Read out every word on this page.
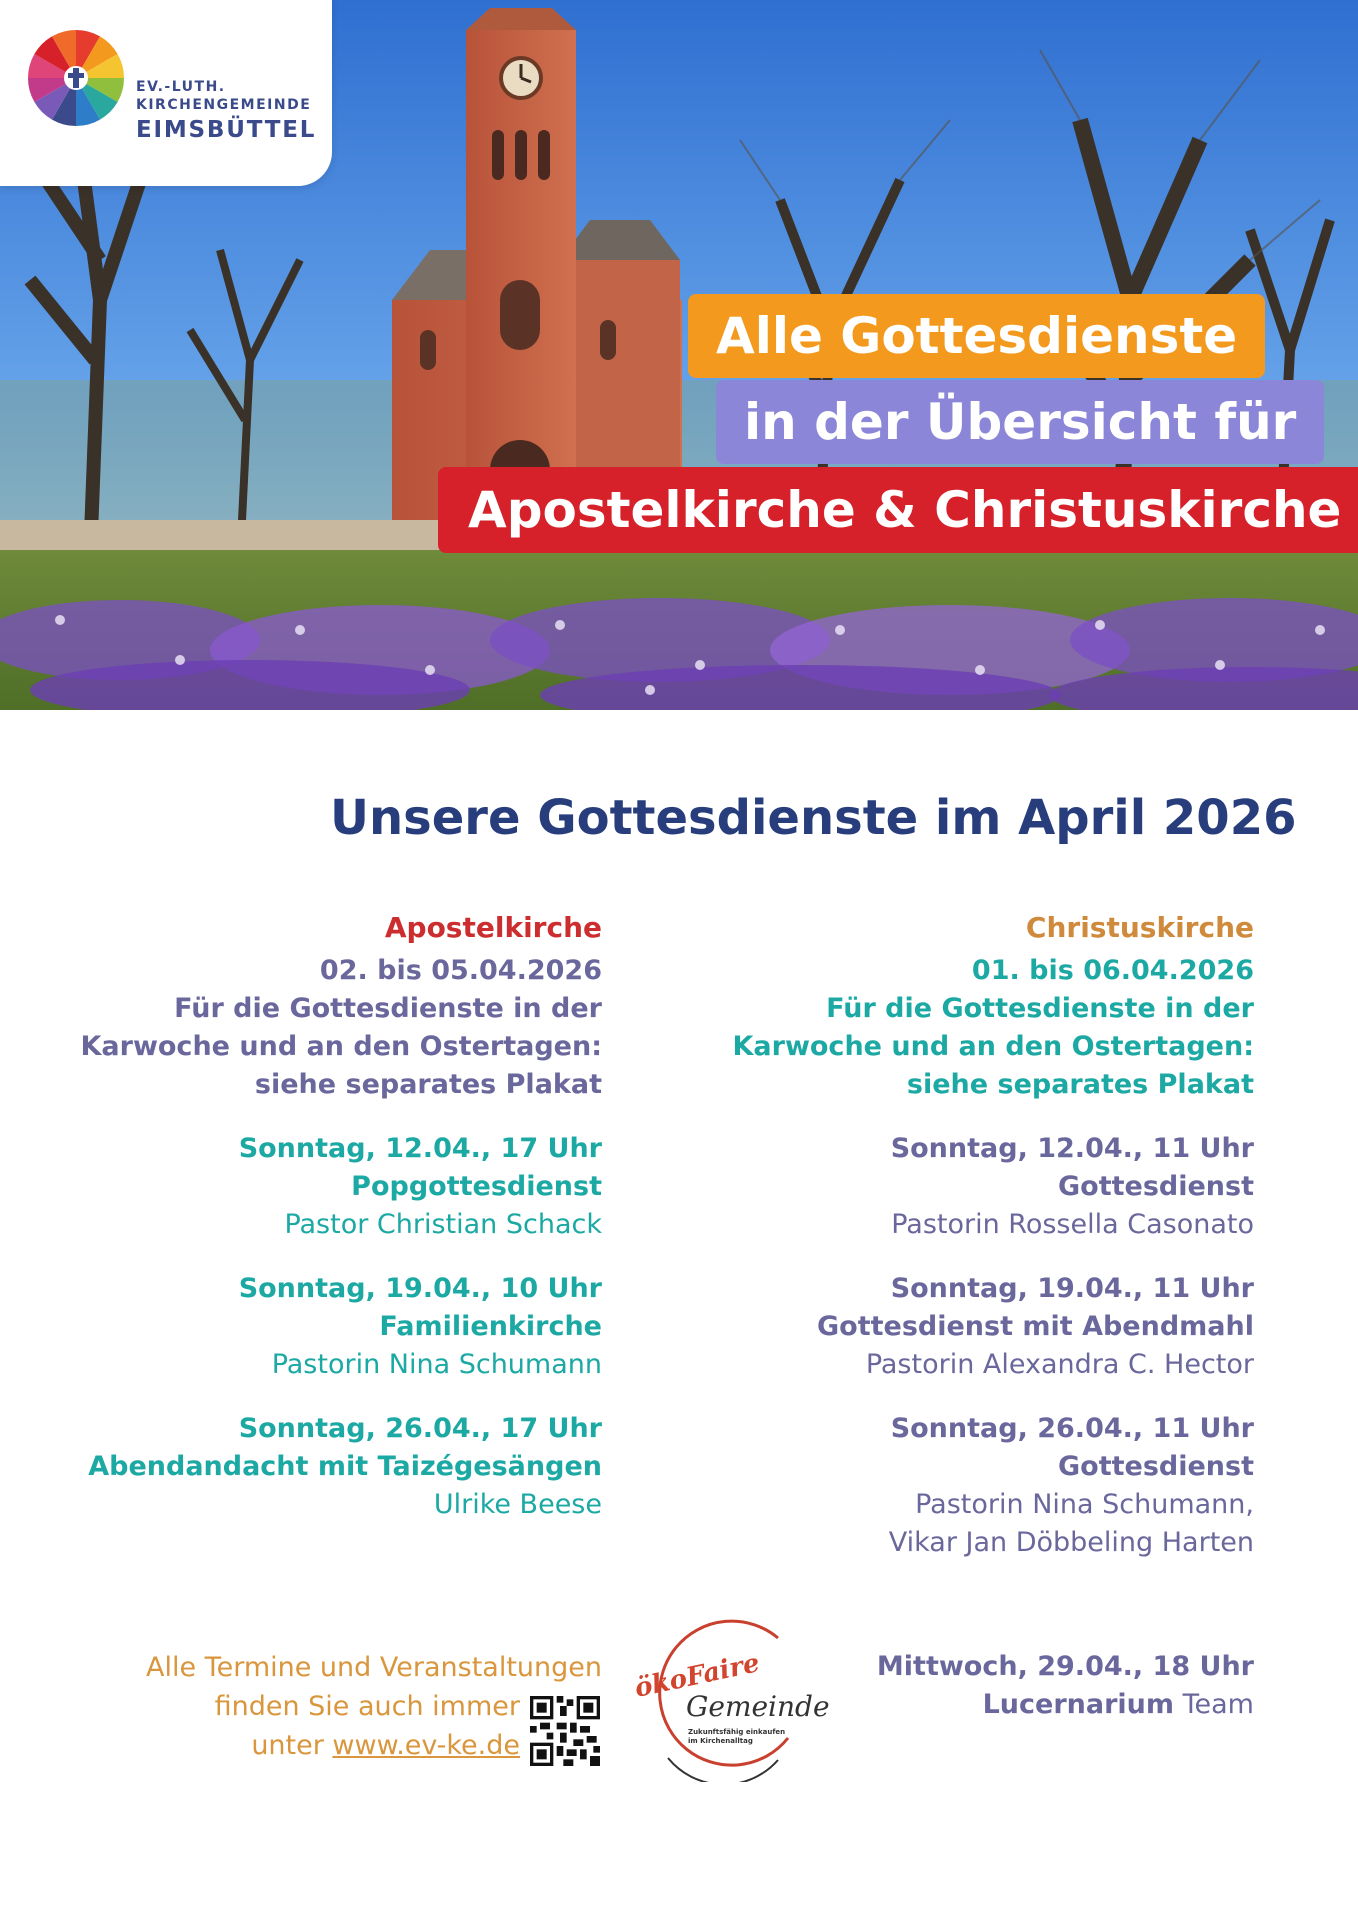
EV.-LUTH.
KIRCHENGEMEINDE
EIMSBÜTTEL
Alle Gottesdienste
in der Übersicht für
Apostelkirche & Christuskirche
Unsere Gottesdienste im April 2026
Apostelkirche
02. bis 05.04.2026
Für die Gottesdienste in der
Karwoche und an den Ostertagen:
siehe separates Plakat
Sonntag, 12.04., 17 Uhr
Popgottesdienst
Pastor Christian Schack
Sonntag, 19.04., 10 Uhr
Familienkirche
Pastorin Nina Schumann
Sonntag, 26.04., 17 Uhr
Abendandacht mit Taizégesängen
Ulrike Beese
Christuskirche
01. bis 06.04.2026
Für die Gottesdienste in der
Karwoche und an den Ostertagen:
siehe separates Plakat
Sonntag, 12.04., 11 Uhr
Gottesdienst
Pastorin Rossella Casonato
Sonntag, 19.04., 11 Uhr
Gottesdienst mit Abendmahl
Pastorin Alexandra C. Hector
Sonntag, 26.04., 11 Uhr
Gottesdienst
Pastorin Nina Schumann,
Vikar Jan Döbbeling Harten
Alle Termine und Veranstaltungen
finden Sie auch immer
unter www.ev-ke.de
ökoFaire
Gemeinde
Zukunftsfähig einkaufen
im Kirchenalltag
Mittwoch, 29.04., 18 Uhr
Lucernarium Team
